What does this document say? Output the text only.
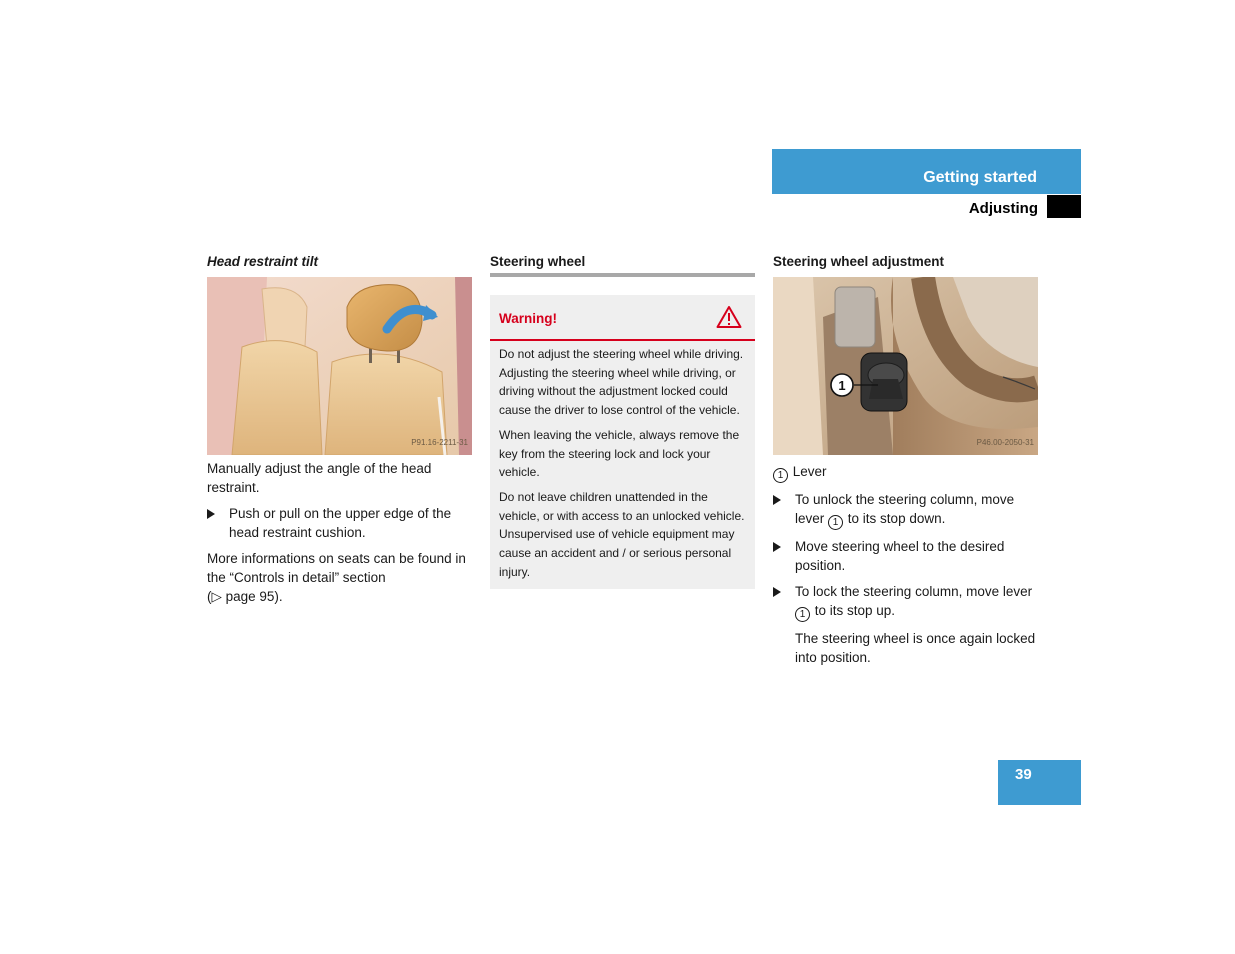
Getting started
Adjusting
Head restraint tilt
P91.16-2211-31

Manually adjust the angle of the head restraint.

Push or pull on the upper edge of the head restraint cushion.

More informations on seats can be found in the “Controls in detail” section
(▷ page 95).

Steering wheel
Warning!

Do not adjust the steering wheel while driving. Adjusting the steering wheel while driving, or driving without the adjustment locked could cause the driver to lose control of the vehicle.

When leaving the vehicle, always remove the key from the steering lock and lock your vehicle.

Do not leave children unattended in the vehicle, or with access to an unlocked vehicle. Unsupervised use of vehicle equipment may cause an accident and / or serious personal injury.

Steering wheel adjustment
1
P46.00-2050-31

1 Lever

To unlock the steering column, move lever 1 to its stop down.
Move steering wheel to the desired position.
To lock the steering column, move lever 1 to its stop up.

The steering wheel is once again locked into position.

39
